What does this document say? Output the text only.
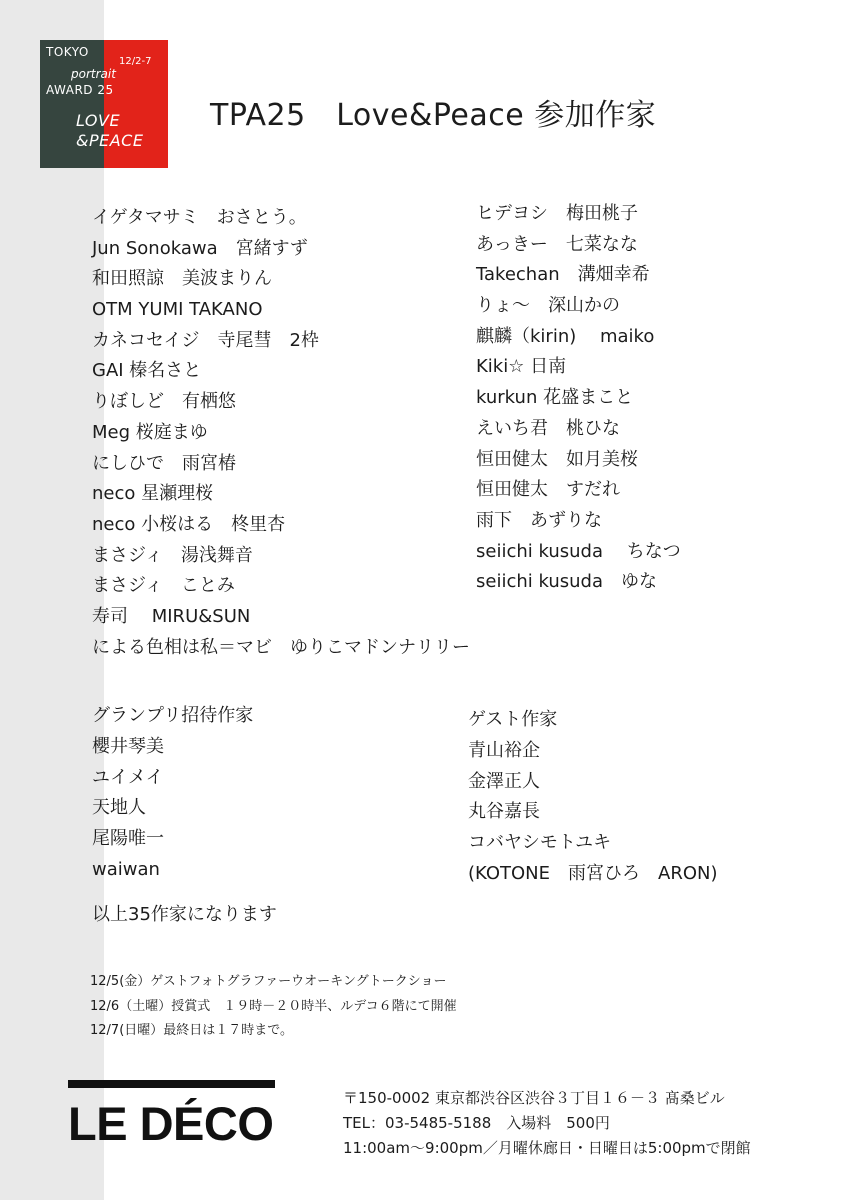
TOKYO
portrait
AWARD 25
12/2-7
LOVE
&PEACE
TPA25　Love&Peace 参加作家
イゲタマサミ　おさとう。
Jun Sonokawa　宮緒すず
和田照諒　美波まりん
OTM YUMI TAKANO
カネコセイジ　寺尾彗　2枠
GAI 榛名さと
りぼしど　有栖悠
Meg 桜庭まゆ
にしひで　雨宮椿
neco 星瀬理桜
neco 小桜はる　柊里杏
まさジィ　湯浅舞音
まさジィ　ことみ
寿司　 MIRU&SUN
による色相は私＝マビ　ゆりこマドンナリリー
ヒデヨシ　梅田桃子
あっきー　七菜なな
Takechan　溝畑幸希
りょ〜　深山かの
麒麟（kirin)　 maiko
Kiki☆ 日南
kurkun 花盛まこと
えいち君　桃ひな
恒田健太　如月美桜
恒田健太　すだれ
雨下　あずりな
seiichi kusuda　 ちなつ
seiichi kusuda　ゆな
グランプリ招待作家
櫻井琴美
ユイメイ
天地人
尾陽唯一
waiwan
ゲスト作家
青山裕企
金澤正人
丸谷嘉長
コバヤシモトユキ
(KOTONE　雨宮ひろ　ARON)
以上35作家になります
12/5(金）ゲストフォトグラファーウオーキングトークショー
12/6（土曜）授賞式　１９時－２０時半、ルデコ６階にて開催
12/7(日曜）最終日は１７時まで。
LE DÉCO	〒150-0002 東京都渋谷区渋谷３丁目１６－３ 髙桑ビル
TEL：03‐5485‐5188　入場料　500円
11:00am〜9:00pm／月曜休廊日・日曜日は5:00pmで閉館
